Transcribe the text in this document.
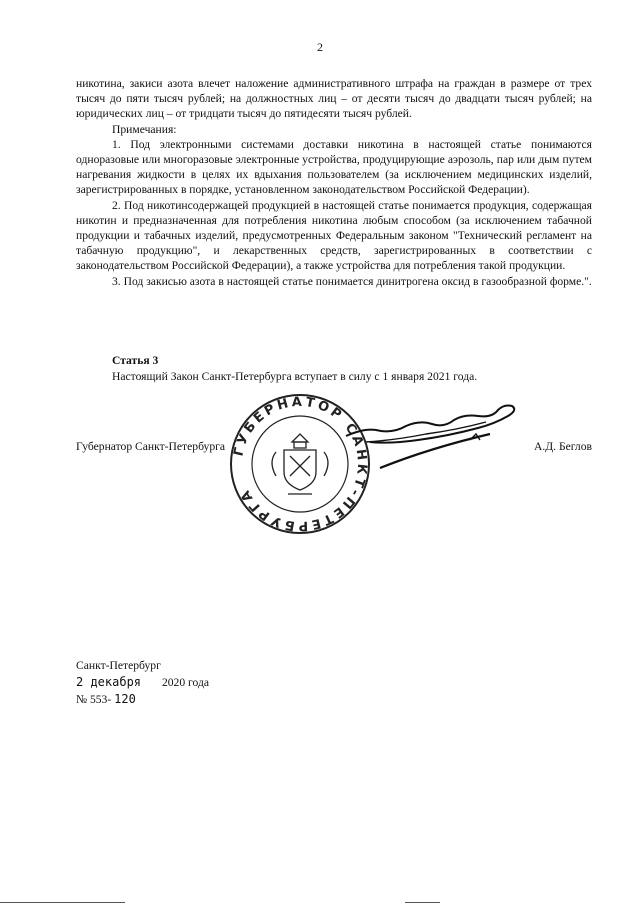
2

никотина, закиси азота влечет наложение административного штрафа на граждан в размере от трех тысяч до пяти тысяч рублей; на должностных лиц – от десяти тысяч до двадцати тысяч рублей; на юридических лиц – от тридцати тысяч до пятидесяти тысяч рублей.

Примечания:

1. Под электронными системами доставки никотина в настоящей статье понимаются одноразовые или многоразовые электронные устройства, продуцирующие аэрозоль, пар или дым путем нагревания жидкости в целях их вдыхания пользователем (за исключением медицинских изделий, зарегистрированных в порядке, установленном законодательством Российской Федерации).

2. Под никотинсодержащей продукцией в настоящей статье понимается продукция, содержащая никотин и предназначенная для потребления никотина любым способом (за исключением табачной продукции и табачных изделий, предусмотренных Федеральным законом "Технический регламент на табачную продукцию", и лекарственных средств, зарегистрированных в соответствии с законодательством Российской Федерации), а также устройства для потребления такой продукции.

3. Под закисью азота в настоящей статье понимается динитрогена оксид в газообразной форме.".

Статья 3
Настоящий Закон Санкт-Петербурга вступает в силу с 1 января 2021 года.
ГУБЕРНАТОР САНКТ-ПЕТЕРБУРГА
Губернатор Санкт-Петербурга	А.Д. Беглов
Санкт-Петербург
2 декабря 2020 года
№ 553- 120
